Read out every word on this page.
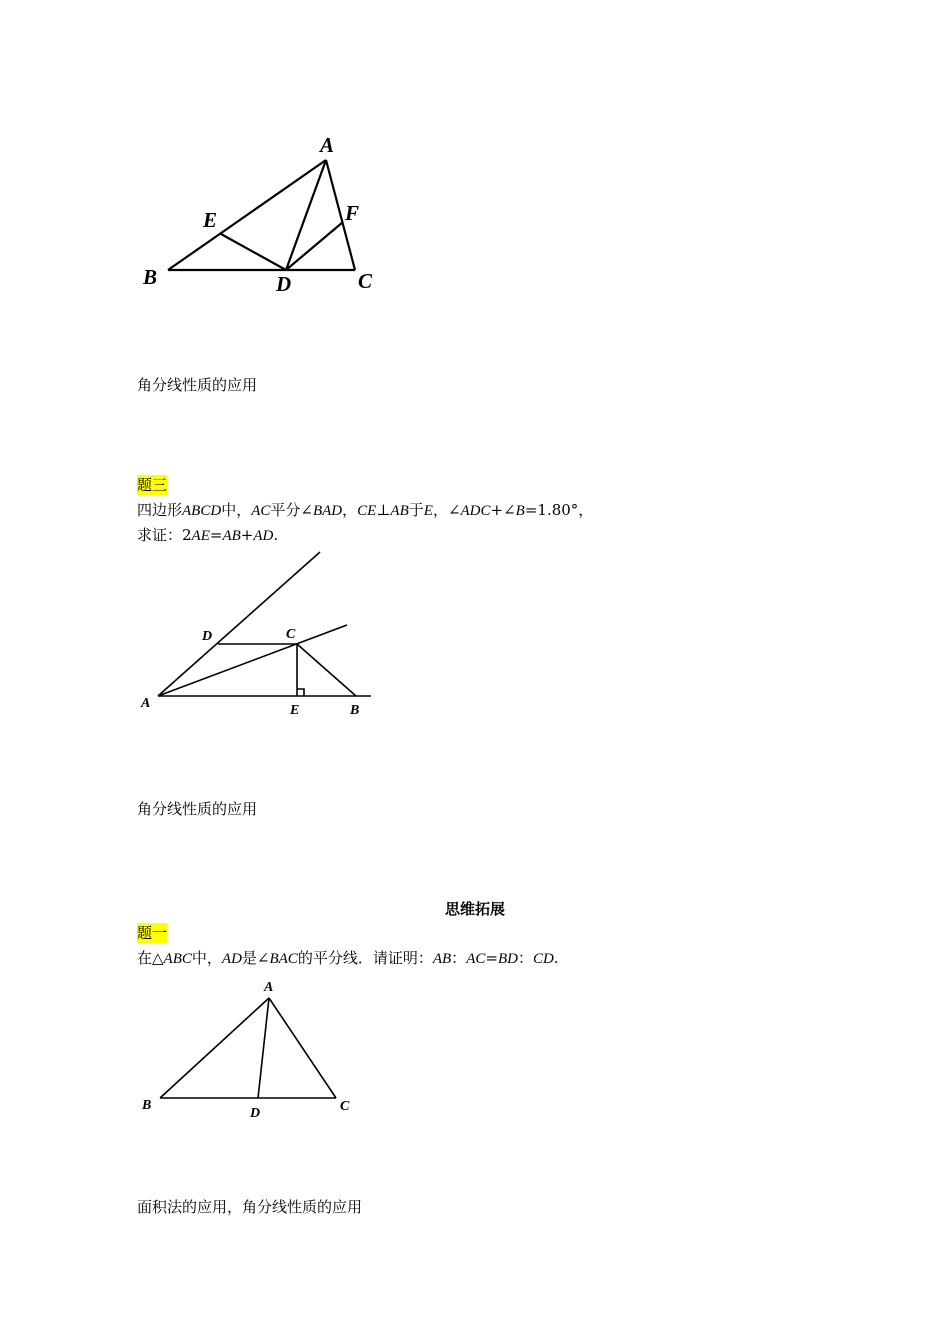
A
B	C
D
E	F
A	B
C
D
E
A
B	C
D
角分线性质的应用
题三
四边形ABCD中，AC平分∠BAD，CE⊥AB于E，∠ADC+∠B=1.80°，
求证：2AE=AB+AD.
角分线性质的应用
思维拓展
题一
在△ABC中，AD是∠BAC的平分线．请证明：AB：AC=BD：CD.
面积法的应用，角分线性质的应用
